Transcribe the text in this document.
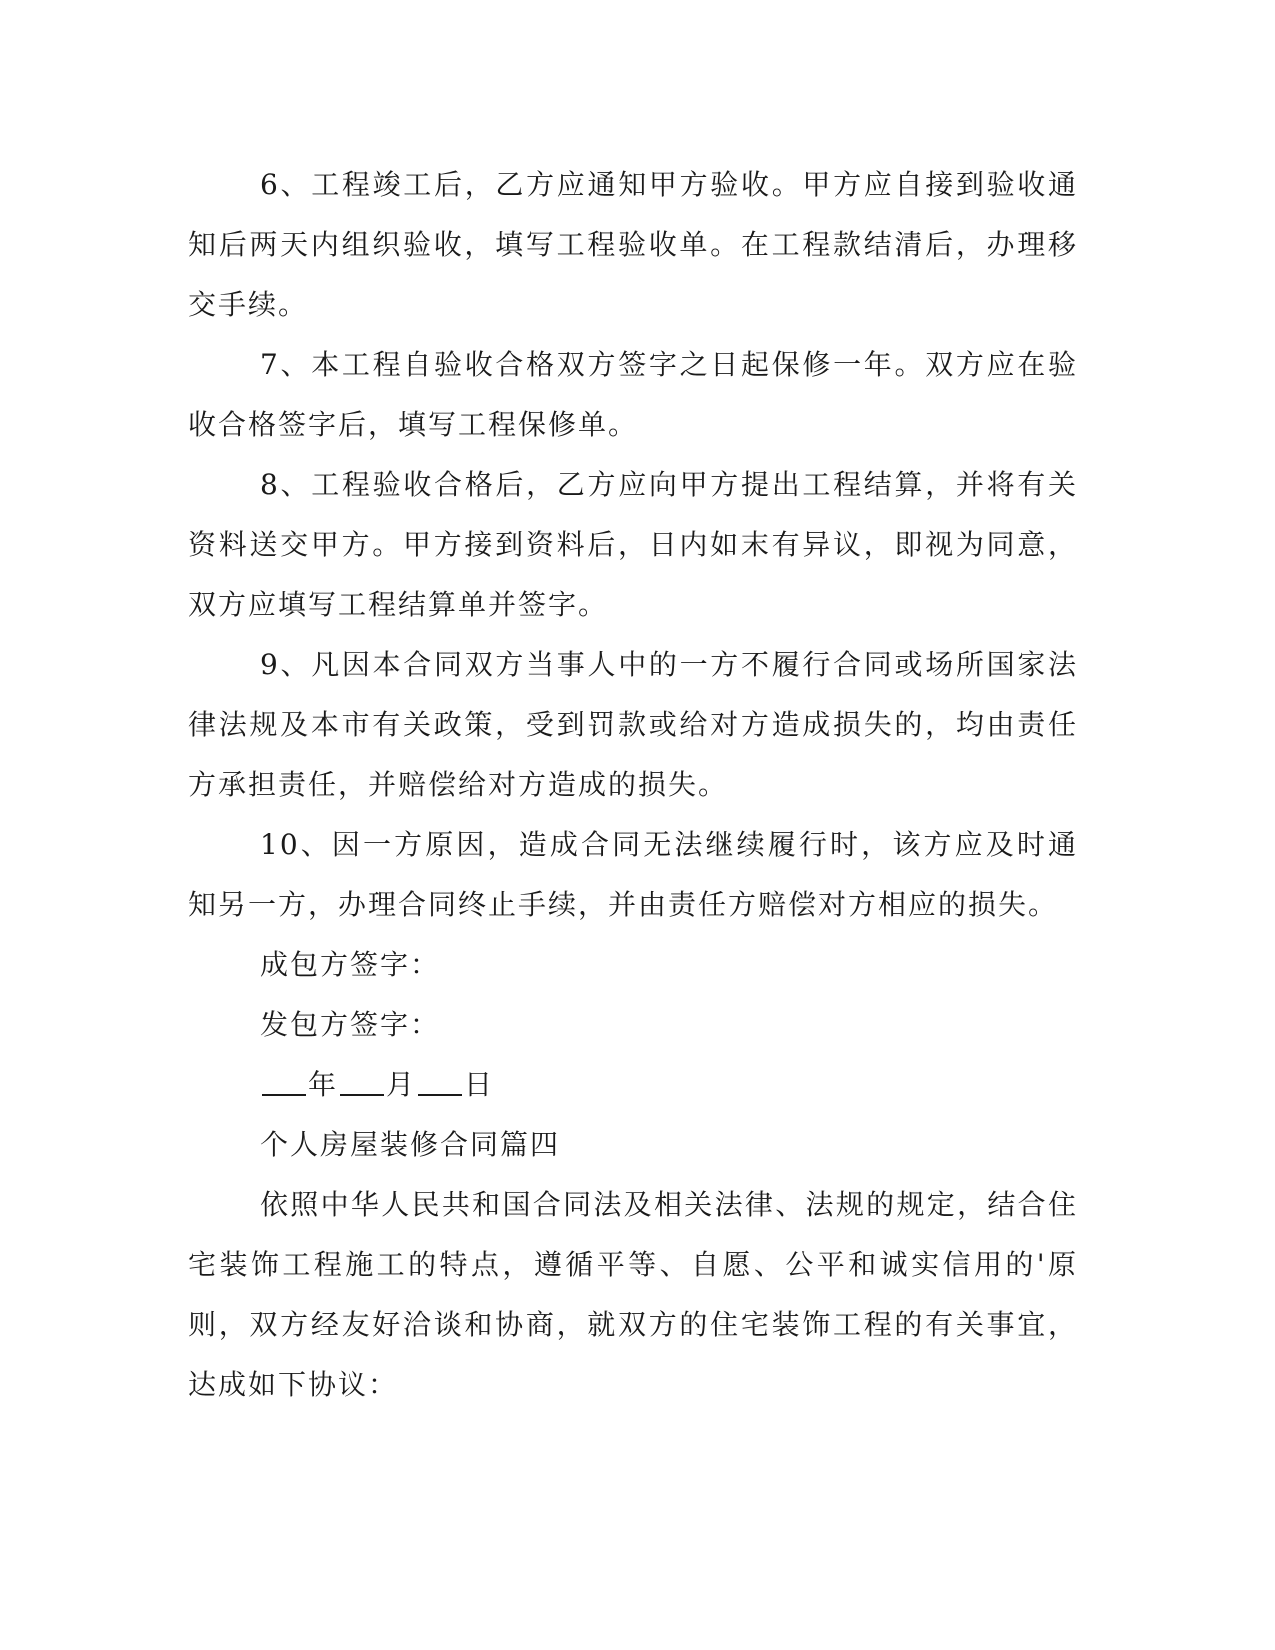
6、工程竣工后，乙方应通知甲方验收。甲方应自接到验收通知后两天内组织验收，填写工程验收单。在工程款结清后，办理移交手续。

7、本工程自验收合格双方签字之日起保修一年。双方应在验收合格签字后，填写工程保修单。

8、工程验收合格后，乙方应向甲方提出工程结算，并将有关资料送交甲方。甲方接到资料后，日内如末有异议，即视为同意，双方应填写工程结算单并签字。

9、凡因本合同双方当事人中的一方不履行合同或场所国家法律法规及本市有关政策，受到罚款或给对方造成损失的，均由责任方承担责任，并赔偿给对方造成的损失。

10、因一方原因，造成合同无法继续履行时，该方应及时通知另一方，办理合同终止手续，并由责任方赔偿对方相应的损失。

成包方签字：

发包方签字：

年 月 日

个人房屋装修合同篇四

依照中华人民共和国合同法及相关法律、法规的规定，结合住宅装饰工程施工的特点，遵循平等、自愿、公平和诚实信用的'原则，双方经友好洽谈和协商，就双方的住宅装饰工程的有关事宜，达成如下协议：
